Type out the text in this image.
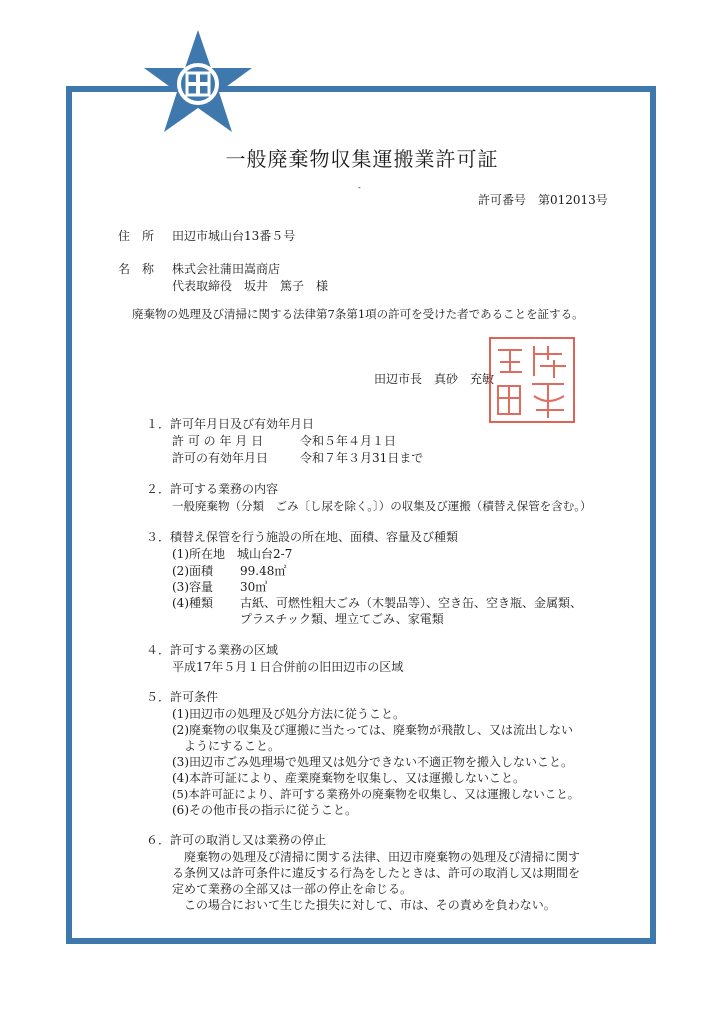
一般廃棄物収集運搬業許可証
-
許可番号　第012013号
住　所 田辺市城山台13番５号
名　称 株式会社蒲田嵩商店
代表取締役　坂井　篤子　様
廃棄物の処理及び清掃に関する法律第7条第1項の許可を受けた者であることを証する。
田辺市長　真砂　充敏
１．許可年月日及び有効年月日
許 可 の 年 月 日	令和５年４月１日
許可の有効年月日	令和７年３月31日まで
２．許可する業務の内容
一般廃棄物（分類　ごみ〔し尿を除く。〕）の収集及び運搬（積替え保管を含む。）
３．積替え保管を行う施設の所在地、面積、容量及び種類
(1)所在地　城山台2-7
(2)面積 99.48㎡
(3)容量 30㎥
(4)種類 古紙、可燃性粗大ごみ（木製品等）、空き缶、空き瓶、金属類、
プラスチック類、埋立てごみ、家電類
４．許可する業務の区域
平成17年５月１日合併前の旧田辺市の区域
５．許可条件
(1)田辺市の処理及び処分方法に従うこと。
(2)廃棄物の収集及び運搬に当たっては、廃棄物が飛散し、又は流出しない
ようにすること。
(3)田辺市ごみ処理場で処理又は処分できない不適正物を搬入しないこと。
(4)本許可証により、産業廃棄物を収集し、又は運搬しないこと。
(5)本許可証により、許可する業務外の廃棄物を収集し、又は運搬しないこと。
(6)その他市長の指示に従うこと。
６．許可の取消し又は業務の停止
廃棄物の処理及び清掃に関する法律、田辺市廃棄物の処理及び清掃に関す
る条例又は許可条件に違反する行為をしたときは、許可の取消し又は期間を
定めて業務の全部又は一部の停止を命じる。
この場合において生じた損失に対して、市は、その責めを負わない。
